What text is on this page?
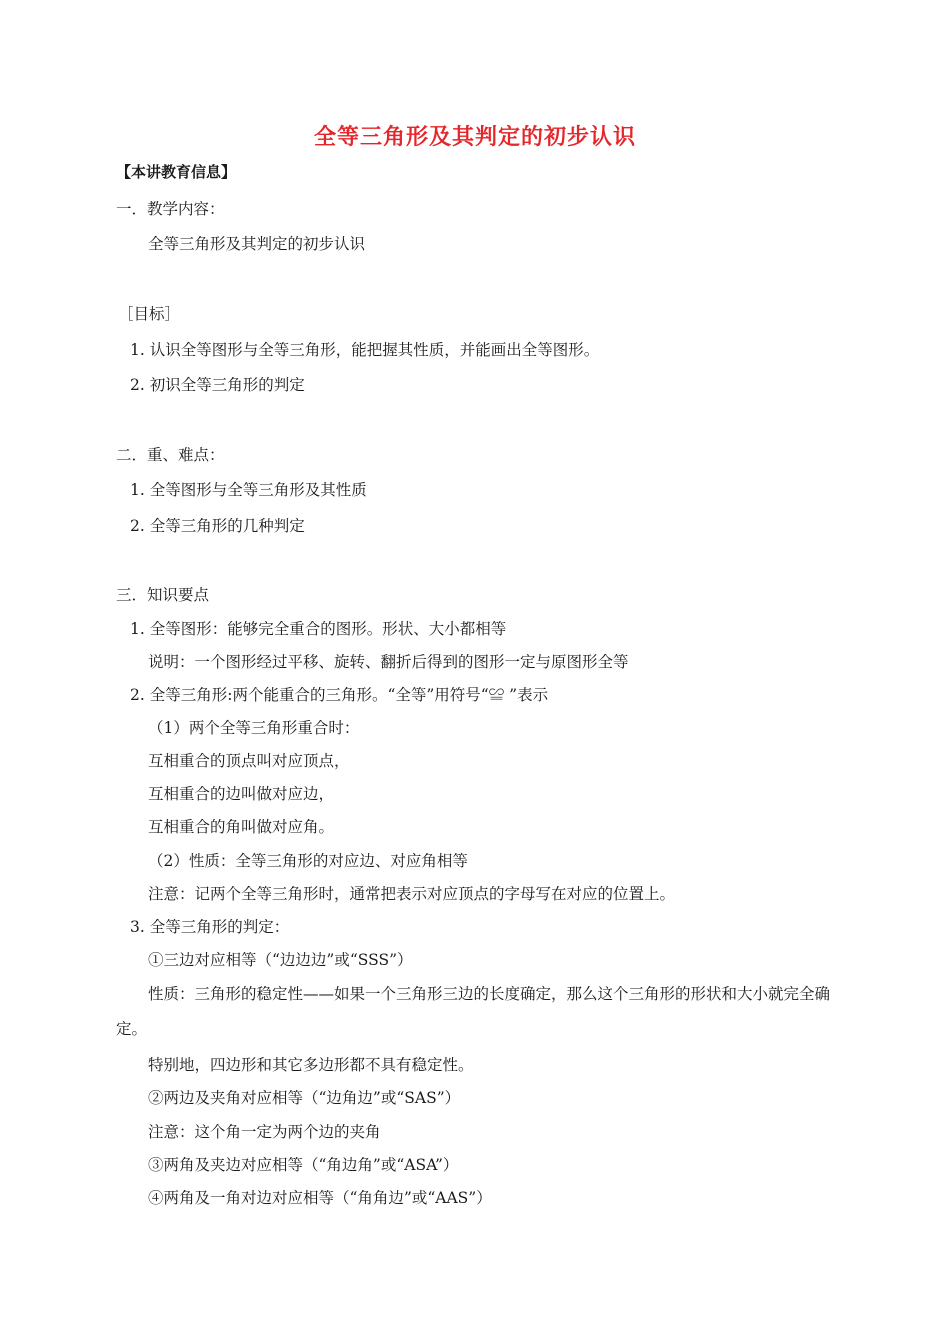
全等三角形及其判定的初步认识
【本讲教育信息】
一．教学内容：
全等三角形及其判定的初步认识
［目标］
1. 认识全等图形与全等三角形，能把握其性质，并能画出全等图形。
2. 初识全等三角形的判定
二．重、难点：
1. 全等图形与全等三角形及其性质
2. 全等三角形的几种判定
三．知识要点
1. 全等图形：能够完全重合的图形。形状、大小都相等
说明：一个图形经过平移、旋转、翻折后得到的图形一定与原图形全等
2. 全等三角形:两个能重合的三角形。“全等”用符号“≌ ”表示
（1）两个全等三角形重合时：
互相重合的顶点叫对应顶点，
互相重合的边叫做对应边，
互相重合的角叫做对应角。
（2）性质：全等三角形的对应边、对应角相等
注意：记两个全等三角形时，通常把表示对应顶点的字母写在对应的位置上。
3. 全等三角形的判定：
①三边对应相等（“边边边”或“SSS”）
性质：三角形的稳定性——如果一个三角形三边的长度确定，那么这个三角形的形状和大小就完全确定。
特别地，四边形和其它多边形都不具有稳定性。
②两边及夹角对应相等（“边角边”或“SAS”）
注意：这个角一定为两个边的夹角
③两角及夹边对应相等（“角边角”或“ASA”）
④两角及一角对边对应相等（“角角边”或“AAS”）
